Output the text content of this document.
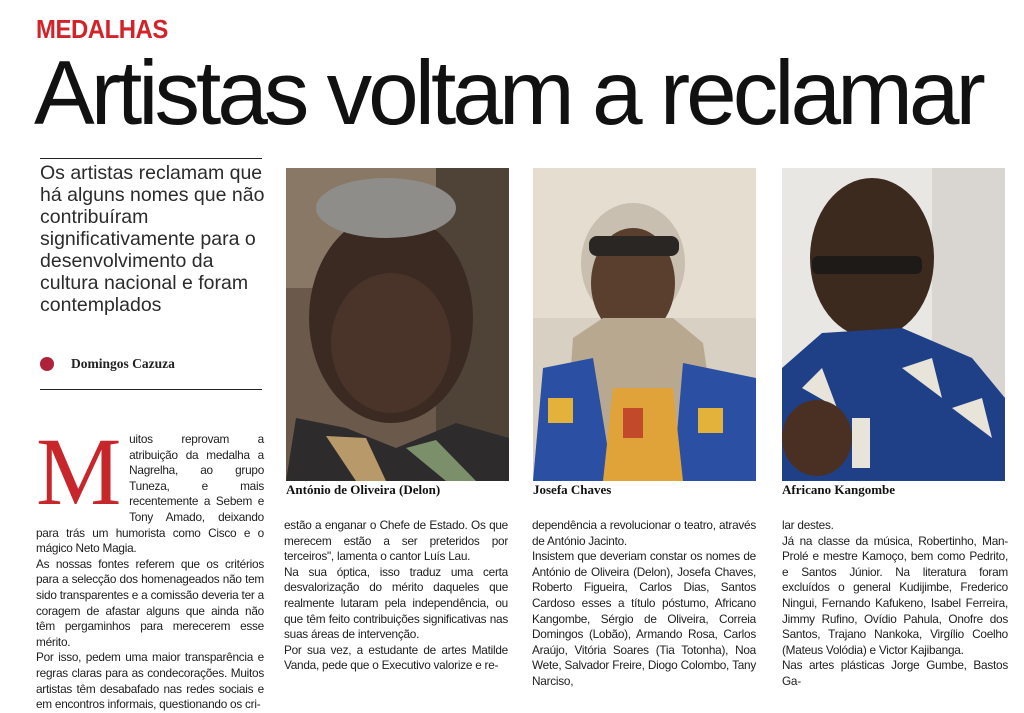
MEDALHAS
Artistas voltam a reclamar
Os artistas reclamam que há alguns nomes que não contribuíram significativamente para o desenvolvimento da cultura nacional e foram contemplados
Domingos Cazuza
António de Oliveira (Delon)	Josefa Chaves	Africano Kangombe

Muitos reprovam a atribuição da medalha a Nagrelha, ao grupo Tuneza, e mais recentemente a Sebem e Tony Amado, deixando para trás um humorista como Cisco e o mágico Neto Magia.

As nossas fontes referem que os critérios para a selecção dos homenageados não tem sido transparentes e a comissão deveria ter a coragem de afastar alguns que ainda não têm pergaminhos para merecerem esse mérito.

Por isso, pedem uma maior transparência e regras claras para as condecorações. Muitos artistas têm desabafado nas redes sociais e em encontros informais, questionando os cri-

estão a enganar o Chefe de Estado. Os que merecem estão a ser preteridos por terceiros", lamenta o cantor Luís Lau.

Na sua óptica, isso traduz uma certa desvalorização do mérito daqueles que realmente lutaram pela independência, ou que têm feito contribuições significativas nas suas áreas de intervenção.

Por sua vez, a estudante de artes Matilde Vanda, pede que o Executivo valorize e re-

dependência a revolucionar o teatro, através de António Jacinto.

Insistem que deveriam constar os nomes de António de Oliveira (Delon), Josefa Chaves, Roberto Figueira, Carlos Dias, Santos Cardoso esses a título póstumo, Africano Kangombe, Sérgio de Oliveira, Correia Domingos (Lobão), Armando Rosa, Carlos Araújo, Vitória Soares (Tia Totonha), Noa Wete, Salvador Freire, Diogo Colombo, Tany Narciso,

lar destes.

Já na classe da música, Robertinho, Man-Prolé e mestre Kamoço, bem como Pedrito, e Santos Júnior. Na literatura foram excluídos o general Kudijimbe, Frederico Ningui, Fernando Kafukeno, Isabel Ferreira, Jimmy Rufino, Ovídio Pahula, Onofre dos Santos, Trajano Nankoka, Virgílio Coelho (Mateus Volódia) e Victor Kajibanga.

Nas artes plásticas Jorge Gumbe, Bastos Ga-
